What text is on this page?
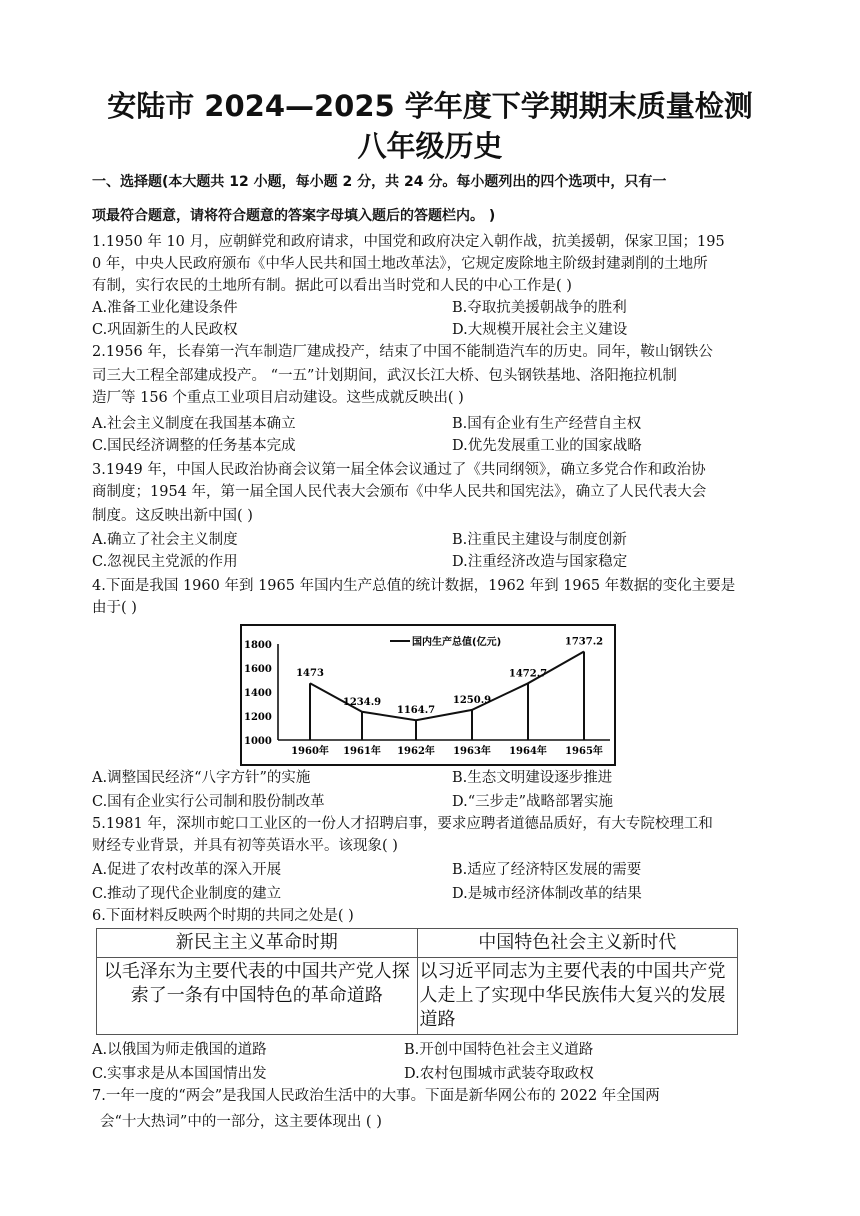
安陆市 2024—2025 学年度下学期期末质量检测
八年级历史
一、选择题(本大题共 12 小题，每小题 2 分，共 24 分。每小题列出的四个选项中，只有一
项最符合题意，请将符合题意的答案字母填入题后的答题栏内。 )
1.1950 年 10 月，应朝鲜党和政府请求，中国党和政府决定入朝作战，抗美援朝，保家卫国；195
0 年，中央人民政府颁布《中华人民共和国土地改革法》，它规定废除地主阶级封建剥削的土地所
有制，实行农民的土地所有制。据此可以看出当时党和人民的中心工作是( )
A.准备工业化建设条件	B.夺取抗美援朝战争的胜利
C.巩固新生的人民政权	D.大规模开展社会主义建设
2.1956 年，长春第一汽车制造厂建成投产，结束了中国不能制造汽车的历史。同年，鞍山钢铁公
司三大工程全部建成投产。 “一五”计划期间，武汉长江大桥、包头钢铁基地、洛阳拖拉机制
造厂等 156 个重点工业项目启动建设。这些成就反映出( )
A.社会主义制度在我国基本确立	B.国有企业有生产经营自主权
C.国民经济调整的任务基本完成	D.优先发展重工业的国家战略
3.1949 年，中国人民政治协商会议第一届全体会议通过了《共同纲领》，确立多党合作和政治协
商制度；1954 年，第一届全国人民代表大会颁布《中华人民共和国宪法》，确立了人民代表大会
制度。这反映出新中国( )
A.确立了社会主义制度	B.注重民主建设与制度创新
C.忽视民主党派的作用	D.注重经济改造与国家稳定
4.下面是我国 1960 年到 1965 年国内生产总值的统计数据，1962 年到 1965 年数据的变化主要是
由于( )
国内生产总值(亿元)
1800
1600
1400
1200
1000
1960年 1961年 1962年 1963年 1964年 1965年
1473
1234.9
1164.7
1250.9
1472.7
1737.2
A.调整国民经济“八字方针”的实施	B.生态文明建设逐步推进
C.国有企业实行公司制和股份制改革	D.“三步走”战略部署实施
5.1981 年，深圳市蛇口工业区的一份人才招聘启事，要求应聘者道德品质好，有大专院校理工和
财经专业背景，并具有初等英语水平。该现象( )
A.促进了农村改革的深入开展	B.适应了经济特区发展的需要
C.推动了现代企业制度的建立	D.是城市经济体制改革的结果
6.下面材料反映两个时期的共同之处是( )
新民主主义革命时期	中国特色社会主义新时代
以毛泽东为主要代表的中国共产党人探索了一条有中国特色的革命道路	以习近平同志为主要代表的中国共产党人走上了实现中华民族伟大复兴的发展道路
A.以俄国为师走俄国的道路	B.开创中国特色社会主义道路
C.实事求是从本国国情出发	D.农村包围城市武装夺取政权
7.一年一度的“两会”是我国人民政治生活中的大事。下面是新华网公布的 2022 年全国两
会“十大热词”中的一部分，这主要体现出 ( )
